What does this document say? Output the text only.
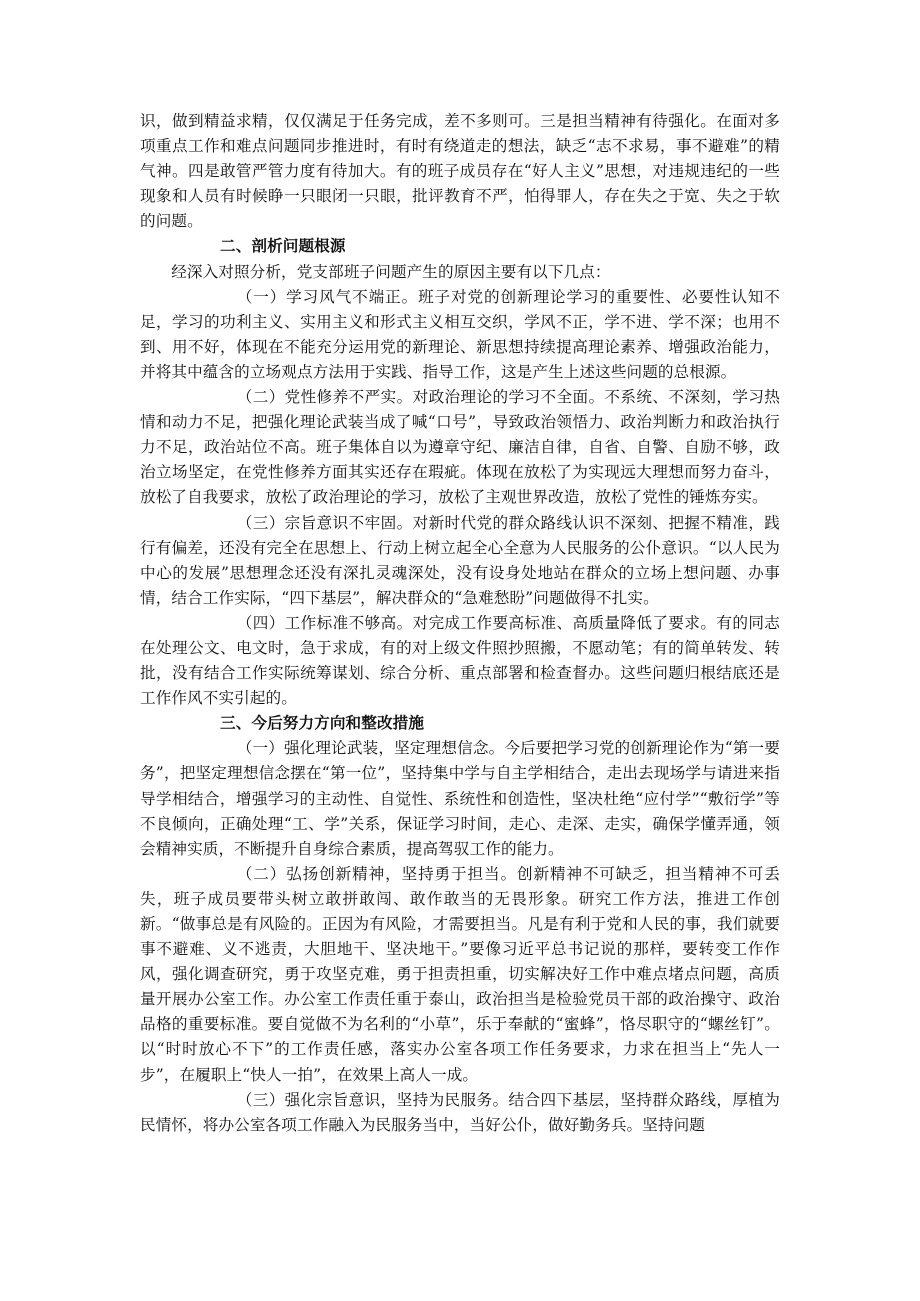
识，做到精益求精，仅仅满足于任务完成，差不多则可。三是担当精神有待强化。在面对多项重点工作和难点问题同步推进时，有时有绕道走的想法，缺乏“志不求易，事不避难”的精气神。四是敢管严管力度有待加大。有的班子成员存在“好人主义”思想，对违规违纪的一些现象和人员有时候睁一只眼闭一只眼，批评教育不严，怕得罪人，存在失之于宽、失之于软的问题。

二、剖析问题根源

经深入对照分析，党支部班子问题产生的原因主要有以下几点：

（一）学习风气不端正。班子对党的创新理论学习的重要性、必要性认知不足，学习的功利主义、实用主义和形式主义相互交织，学风不正，学不进、学不深；也用不到、用不好，体现在不能充分运用党的新理论、新思想持续提高理论素养、增强政治能力，并将其中蕴含的立场观点方法用于实践、指导工作，这是产生上述这些问题的总根源。

（二）党性修养不严实。对政治理论的学习不全面。不系统、不深刻，学习热情和动力不足，把强化理论武装当成了喊“口号”，导致政治领悟力、政治判断力和政治执行力不足，政治站位不高。班子集体自以为遵章守纪、廉洁自律，自省、自警、自励不够，政治立场坚定，在党性修养方面其实还存在瑕疵。体现在放松了为实现远大理想而努力奋斗，放松了自我要求，放松了政治理论的学习，放松了主观世界改造，放松了党性的锤炼夯实。

（三）宗旨意识不牢固。对新时代党的群众路线认识不深刻、把握不精准，践行有偏差，还没有完全在思想上、行动上树立起全心全意为人民服务的公仆意识。“以人民为中心的发展”思想理念还没有深扎灵魂深处，没有设身处地站在群众的立场上想问题、办事情，结合工作实际，“四下基层”，解决群众的“急难愁盼”问题做得不扎实。

（四）工作标准不够高。对完成工作要高标准、高质量降低了要求。有的同志在处理公文、电文时，急于求成，有的对上级文件照抄照搬，不愿动笔；有的简单转发、转批，没有结合工作实际统筹谋划、综合分析、重点部署和检查督办。这些问题归根结底还是工作作风不实引起的。

三、今后努力方向和整改措施

（一）强化理论武装，坚定理想信念。今后要把学习党的创新理论作为“第一要务”，把坚定理想信念摆在“第一位”，坚持集中学与自主学相结合，走出去现场学与请进来指导学相结合，增强学习的主动性、自觉性、系统性和创造性，坚决杜绝“应付学”“敷衍学”等不良倾向，正确处理“工、学”关系，保证学习时间，走心、走深、走实，确保学懂弄通，领会精神实质，不断提升自身综合素质，提高驾驭工作的能力。

（二）弘扬创新精神，坚持勇于担当。创新精神不可缺乏，担当精神不可丢失，班子成员要带头树立敢拼敢闯、敢作敢当的无畏形象。研究工作方法，推进工作创新。“做事总是有风险的。正因为有风险，才需要担当。凡是有利于党和人民的事，我们就要事不避难、义不逃责，大胆地干、坚决地干。”要像习近平总书记说的那样，要转变工作作风，强化调查研究，勇于攻坚克难，勇于担责担重，切实解决好工作中难点堵点问题，高质量开展办公室工作。办公室工作责任重于泰山，政治担当是检验党员干部的政治操守、政治品格的重要标准。要自觉做不为名利的“小草”，乐于奉献的“蜜蜂”，恪尽职守的“螺丝钉”。以“时时放心不下”的工作责任感，落实办公室各项工作任务要求，力求在担当上“先人一步”，在履职上“快人一拍”，在效果上高人一成。

（三）强化宗旨意识，坚持为民服务。结合四下基层，坚持群众路线，厚植为民情怀，将办公室各项工作融入为民服务当中，当好公仆，做好勤务兵。坚持问题
